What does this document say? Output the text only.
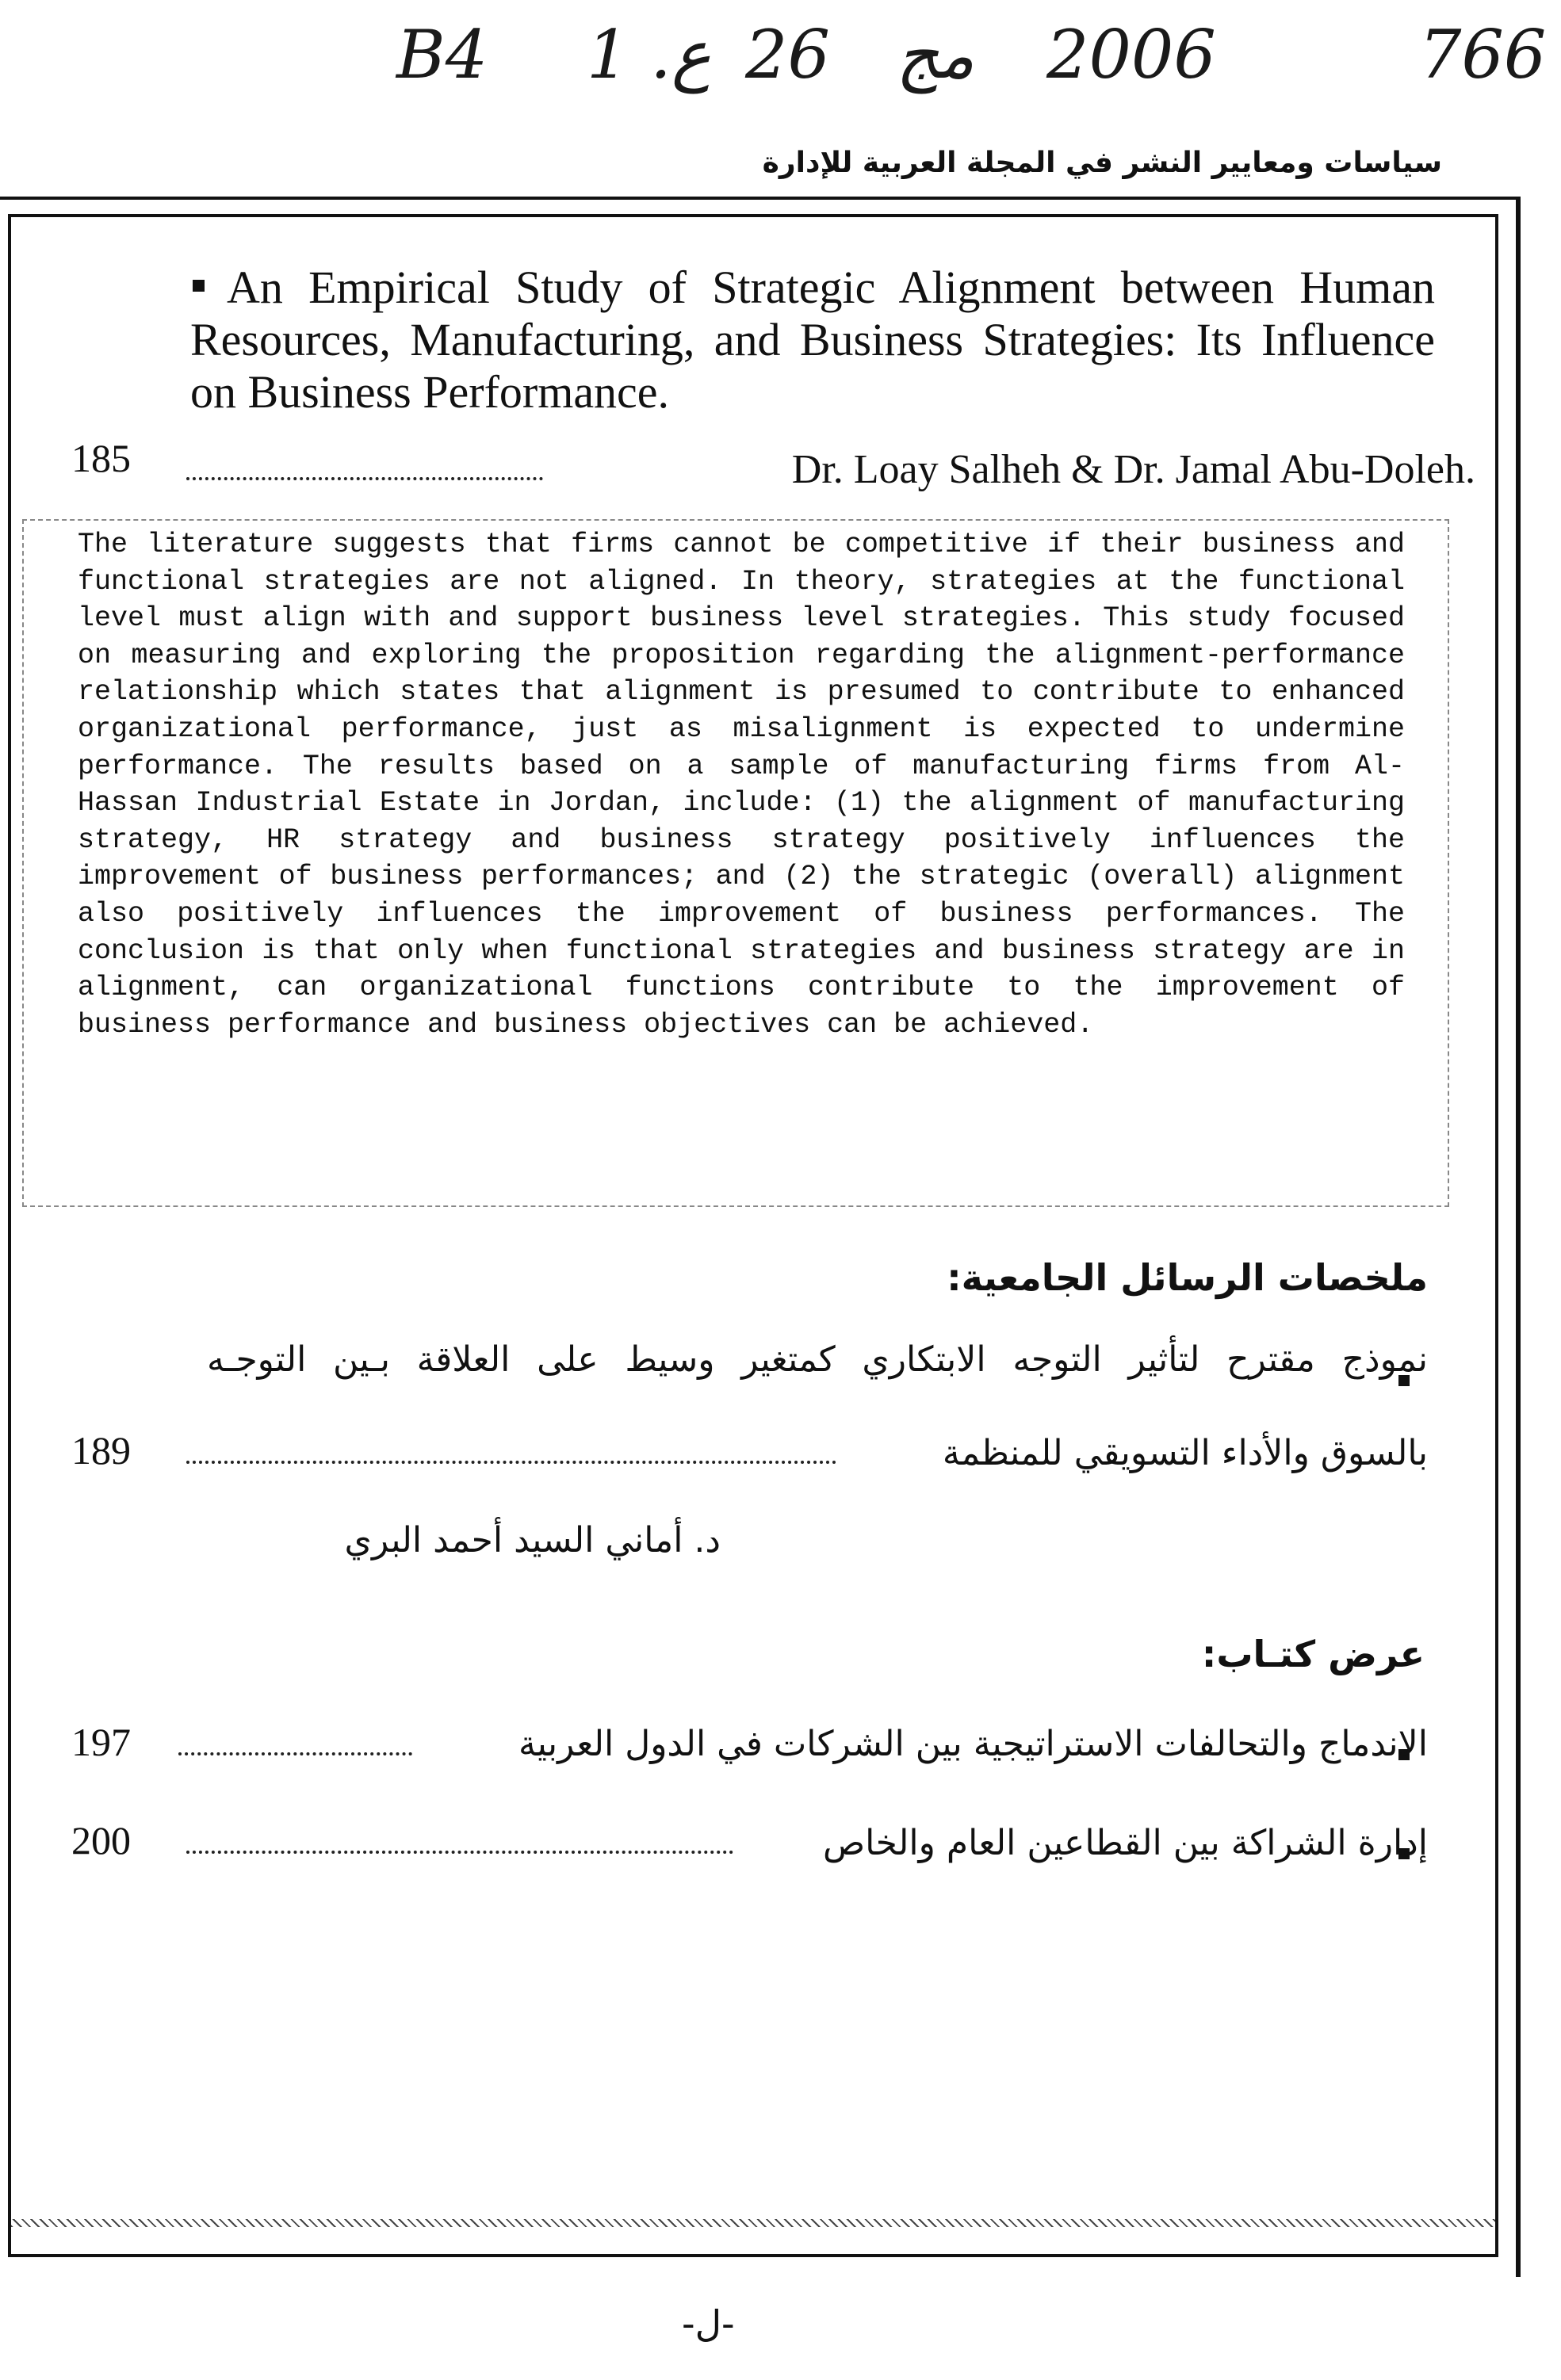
B4 1 .ع 26 مج 2006	766
سياسات ومعايير النشر في المجلة العربية للإدارة
An Empirical Study of Strategic Alignment between Human Resources, Manufacturing, and Business Strategies: Its Influence on Business Performance.
185	Dr. Loay Salheh & Dr. Jamal Abu-Doleh.
The literature suggests that firms cannot be competitive if their business and functional strategies are not aligned. In theory, strategies at the functional level must align with and support business level strategies. This study focused on measuring and exploring the proposition regarding the alignment-performance relationship which states that alignment is presumed to contribute to enhanced organizational performance, just as misalignment is expected to undermine performance. The results based on a sample of manufacturing firms from Al-Hassan Industrial Estate in Jordan, include: (1) the alignment of manufacturing strategy, HR strategy and business strategy positively influences the improvement of business performances; and (2) the strategic (overall) alignment also positively influences the improvement of business performances. The conclusion is that only when functional strategies and business strategy are in alignment, can organizational functions contribute to the improvement of business performance and business objectives can be achieved.
ملخصات الرسائل الجامعية:
نموذج مقترح لتأثير التوجه الابتكاري كمتغير وسيط على العلاقة بـين التوجـه
بالسوق والأداء التسويقي للمنظمة
189
د. أماني السيد أحمد البري
عرض كتـاب:
الاندماج والتحالفات الاستراتيجية بين الشركات في الدول العربية
197
إدارة الشراكة بين القطاعين العام والخاص
200
-ل-
